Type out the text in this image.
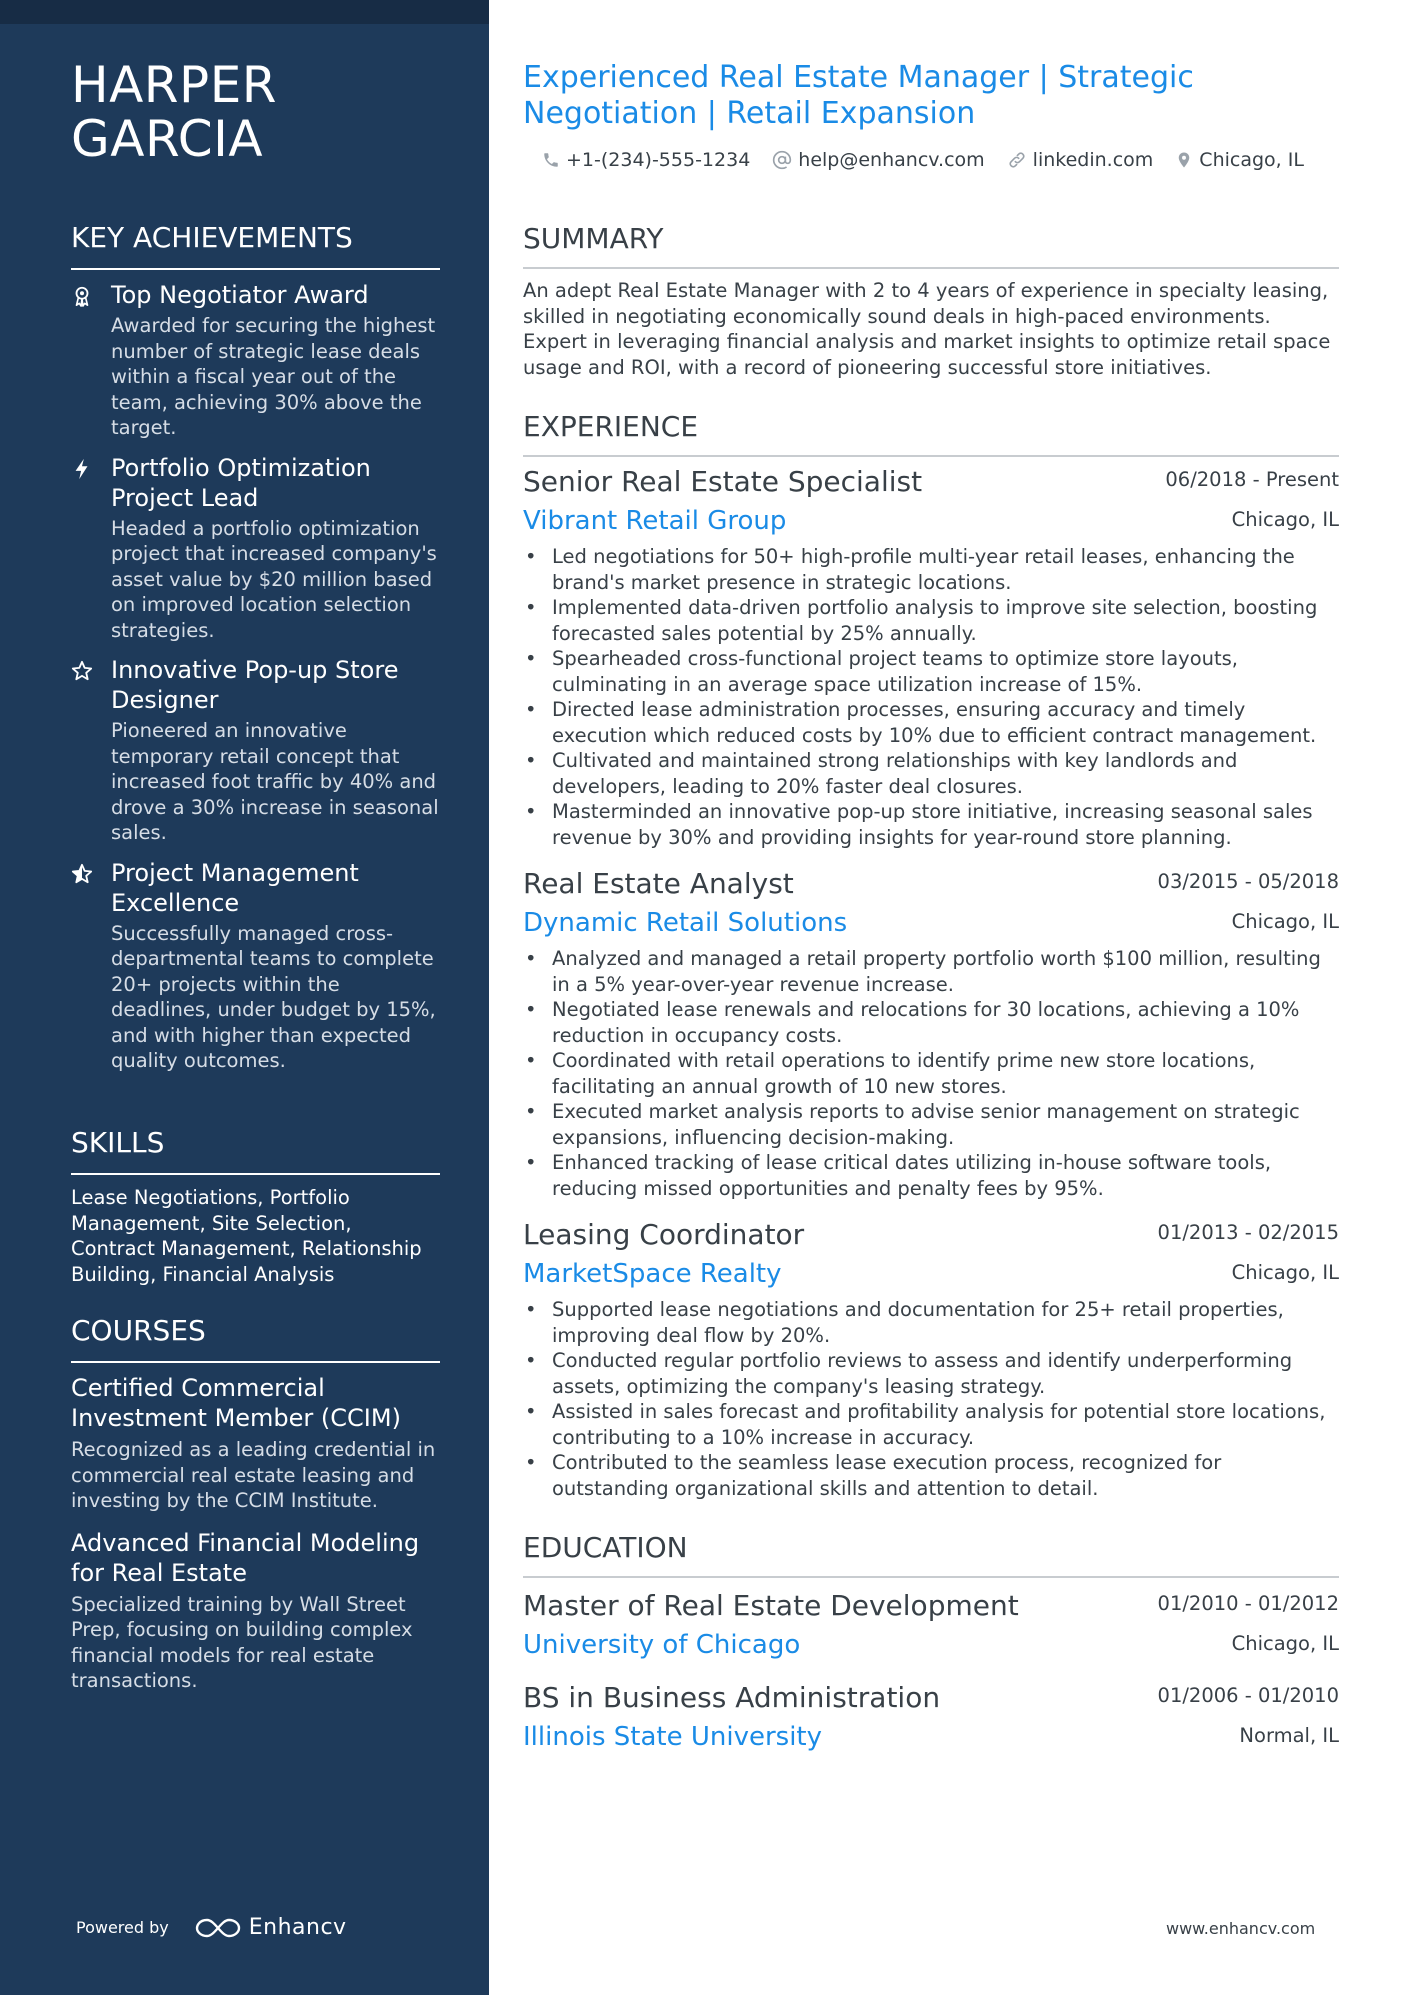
HARPER
GARCIA
KEY ACHIEVEMENTS
Top Negotiator Award
Awarded for securing the highest number of strategic lease deals within a fiscal year out of the team, achieving 30% above the target.
Portfolio Optimization Project Lead
Headed a portfolio optimization project that increased company's asset value by $20 million based on improved location selection strategies.
Innovative Pop-up Store Designer
Pioneered an innovative temporary retail concept that increased foot traffic by 40% and drove a 30% increase in seasonal sales.
Project Management Excellence
Successfully managed cross-departmental teams to complete 20+ projects within the deadlines, under budget by 15%, and with higher than expected quality outcomes.
SKILLS
Lease Negotiations, Portfolio Management, Site Selection, Contract Management, Relationship Building, Financial Analysis
COURSES
Certified Commercial Investment Member (CCIM)
Recognized as a leading credential in commercial real estate leasing and investing by the CCIM Institute.
Advanced Financial Modeling for Real Estate
Specialized training by Wall Street Prep, focusing on building complex financial models for real estate transactions.
Powered by	Enhancv
Experienced Real Estate Manager | Strategic Negotiation | Retail Expansion
+1-(234)-555-1234	help@enhancv.com	linkedin.com Chicago, IL
SUMMARY
An adept Real Estate Manager with 2 to 4 years of experience in specialty leasing, skilled in negotiating economically sound deals in high-paced environments. Expert in leveraging financial analysis and market insights to optimize retail space usage and ROI, with a record of pioneering successful store initiatives.
EXPERIENCE
Senior Real Estate Specialist	06/2018 - Present
Vibrant Retail Group	Chicago, IL
• Led negotiations for 50+ high-profile multi-year retail leases, enhancing the brand's market presence in strategic locations.
• Implemented data-driven portfolio analysis to improve site selection, boosting forecasted sales potential by 25% annually.
• Spearheaded cross-functional project teams to optimize store layouts, culminating in an average space utilization increase of 15%.
• Directed lease administration processes, ensuring accuracy and timely execution which reduced costs by 10% due to efficient contract management.
• Cultivated and maintained strong relationships with key landlords and developers, leading to 20% faster deal closures.
• Masterminded an innovative pop-up store initiative, increasing seasonal sales revenue by 30% and providing insights for year-round store planning.
Real Estate Analyst	03/2015 - 05/2018
Dynamic Retail Solutions	Chicago, IL
• Analyzed and managed a retail property portfolio worth $100 million, resulting in a 5% year-over-year revenue increase.
• Negotiated lease renewals and relocations for 30 locations, achieving a 10% reduction in occupancy costs.
• Coordinated with retail operations to identify prime new store locations, facilitating an annual growth of 10 new stores.
• Executed market analysis reports to advise senior management on strategic expansions, influencing decision-making.
• Enhanced tracking of lease critical dates utilizing in-house software tools, reducing missed opportunities and penalty fees by 95%.
Leasing Coordinator	01/2013 - 02/2015
MarketSpace Realty	Chicago, IL
• Supported lease negotiations and documentation for 25+ retail properties, improving deal flow by 20%.
• Conducted regular portfolio reviews to assess and identify underperforming assets, optimizing the company's leasing strategy.
• Assisted in sales forecast and profitability analysis for potential store locations, contributing to a 10% increase in accuracy.
• Contributed to the seamless lease execution process, recognized for outstanding organizational skills and attention to detail.
EDUCATION
Master of Real Estate Development	01/2010 - 01/2012
University of Chicago	Chicago, IL
BS in Business Administration	01/2006 - 01/2010
Illinois State University	Normal, IL
www.enhancv.com
